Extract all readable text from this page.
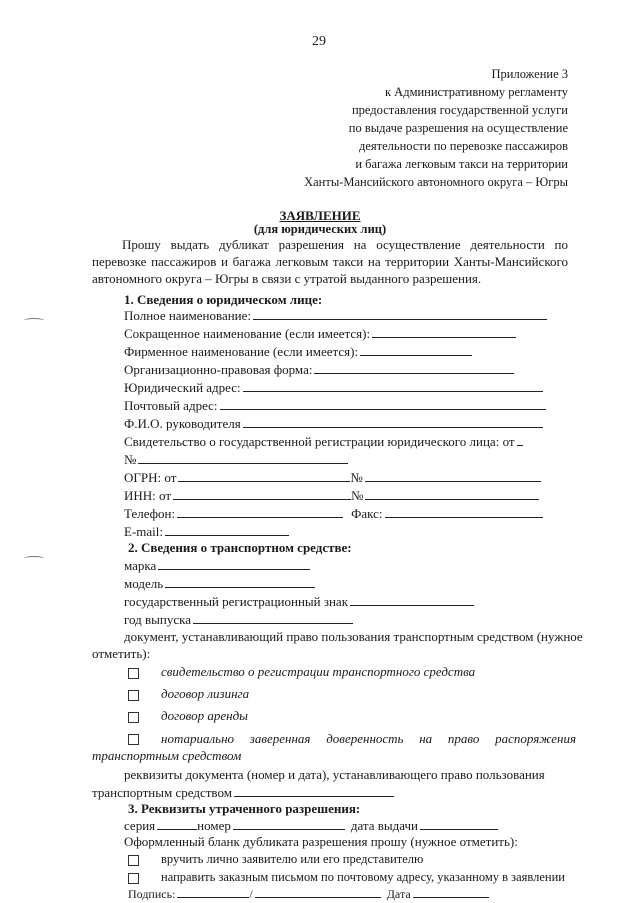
29
Приложение 3
к Административному регламенту
предоставления государственной услуги
по выдаче разрешения на осуществление
деятельности по перевозке пассажиров
и багажа легковым такси на территории
Ханты-Мансийского автономного округа – Югры
ЗАЯВЛЕНИЕ
(для юридических лиц)
Прошу выдать дубликат разрешения на осуществление деятельности по перевозке пассажиров и багажа легковым такси на территории Ханты-Мансийского автономного округа – Югры в связи с утратой выданного разрешения.
1. Сведения о юридическом лице:
Полное наименование:
Сокращенное наименование (если имеется):
Фирменное наименование (если имеется):
Организационно-правовая форма:
Юридический адрес:
Почтовый адрес:
Ф.И.О. руководителя
Свидетельство о государственной регистрации юридического лица: от
№
ОГРН: от	№
ИНН: от	№
Телефон:	Факс:
E-mail:
2. Сведения о транспортном средстве:
марка
модель
государственный регистрационный знак
год выпуска
документ, устанавливающий право пользования транспортным средством (нужное
отметить):
свидетельство о регистрации транспортного средства
договор лизинга
договор аренды
нотариально заверенная доверенность на право распоряжения
транспортным средством
реквизиты документа (номер и дата), устанавливающего право пользования
транспортным средством
3. Реквизиты утраченного разрешения:
серия	номер	дата выдачи
Оформленный бланк дубликата разрешения прошу (нужное отметить):
вручить лично заявителю или его представителю
направить заказным письмом по почтовому адресу, указанному в заявлении
Подпись:	/	Дата
